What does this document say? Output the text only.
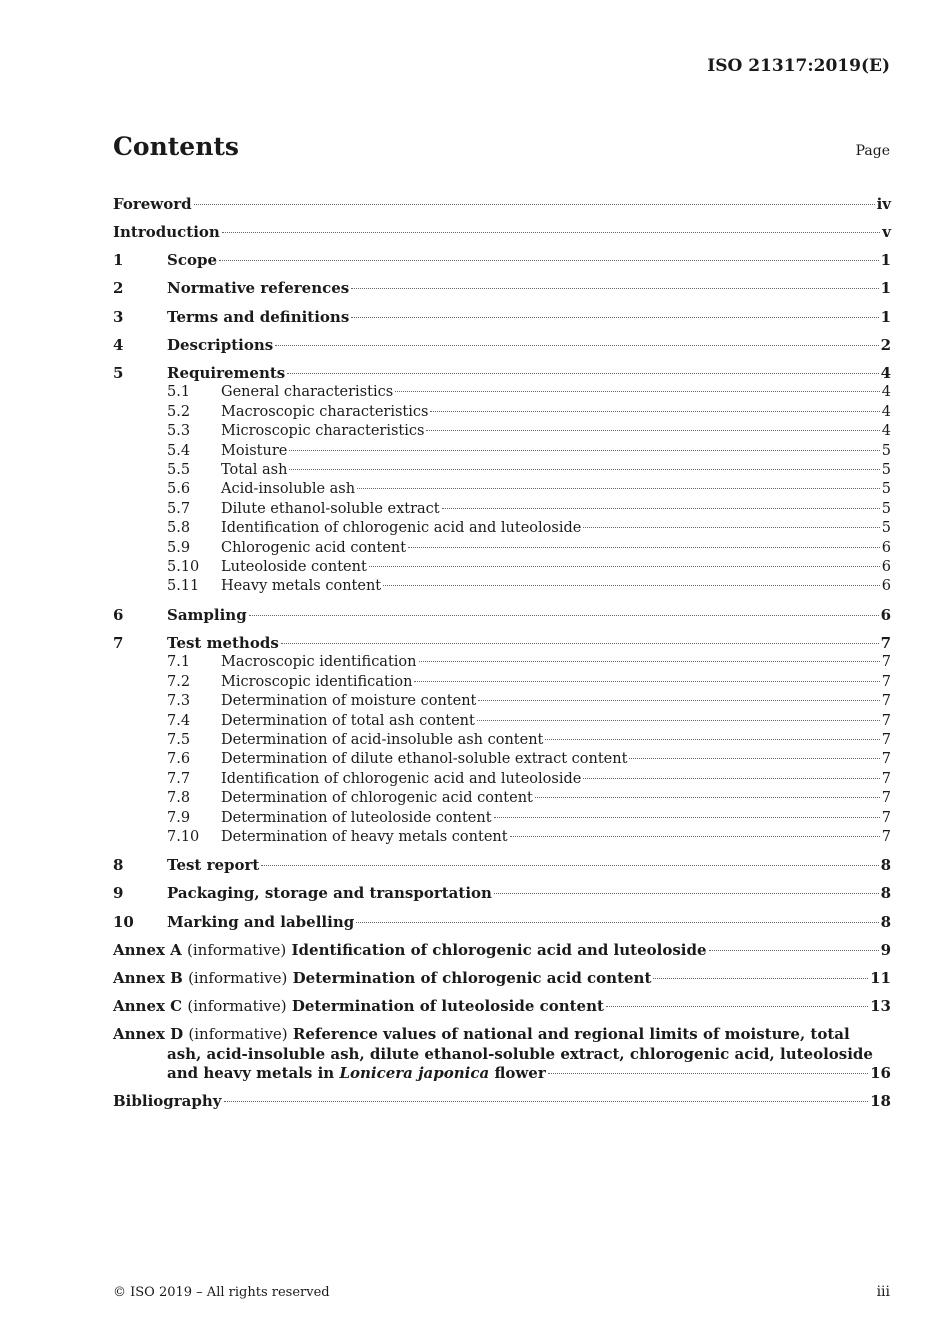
ISO 21317:2019(E)
Contents	Page
Foreword	iv
Introduction	v
1	Scope	1
2	Normative references	1
3	Terms and definitions	1
4	Descriptions	2
5	Requirements	4
5.1	General characteristics	4
5.2	Macroscopic characteristics	4
5.3	Microscopic characteristics	4
5.4	Moisture	5
5.5	Total ash	5
5.6	Acid-insoluble ash	5
5.7	Dilute ethanol-soluble extract	5
5.8	Identification of chlorogenic acid and luteoloside	5
5.9	Chlorogenic acid content	6
5.10	Luteoloside content	6
5.11	Heavy metals content	6
6	Sampling	6
7	Test methods	7
7.1	Macroscopic identification	7
7.2	Microscopic identification	7
7.3	Determination of moisture content	7
7.4	Determination of total ash content	7
7.5	Determination of acid-insoluble ash content	7
7.6	Determination of dilute ethanol-soluble extract content	7
7.7	Identification of chlorogenic acid and luteoloside	7
7.8	Determination of chlorogenic acid content	7
7.9	Determination of luteoloside content	7
7.10	Determination of heavy metals content	7
8	Test report	8
9	Packaging, storage and transportation	8
10	Marking and labelling	8
Annex A (informative) Identification of chlorogenic acid and luteoloside	9
Annex B (informative) Determination of chlorogenic acid content	11
Annex C (informative) Determination of luteoloside content	13
Annex D (informative) Reference values of national and regional limits of moisture, total
ash, acid-insoluble ash, dilute ethanol-soluble extract, chlorogenic acid, luteoloside
and heavy metals in Lonicera japonica flower	16
Bibliography	18
© ISO 2019 – All rights reserved	iii
